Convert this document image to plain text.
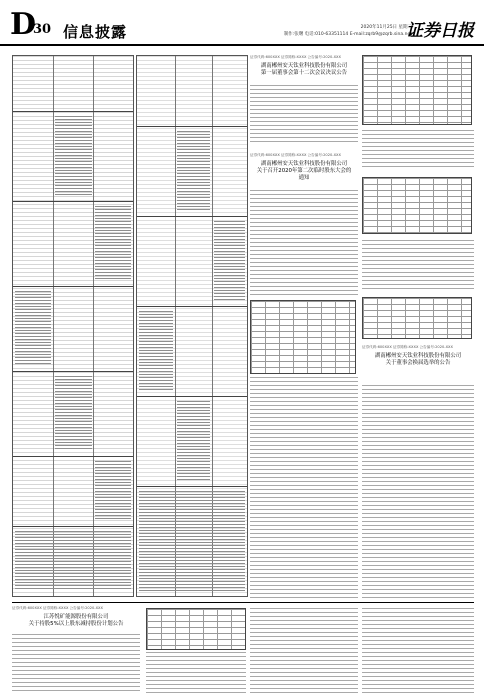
D
30 信息披露	2020年11月25日 星期二
制作:张曙 电话:010-63351114 E-mail:zqrb9@zqrb.sina.net
证券日报
证券代码:600XXX 证券简称:XXXX 公告编号:2020-XXX
湖南郴州安天钛业科技股份有限公司
第一届董事会第十二次会议决议公告
证券代码:600XXX 证券简称:XXXX 公告编号:2020-XXX
湖南郴州安天钛业科技股份有限公司
关于召开2020年第二次临时股东大会的
通知
证券代码:600XXX 证券简称:XXXX 公告编号:2020-XXX
湖南郴州安天钛业科技股份有限公司
关于董事会换届选举的公告
证券代码:600XXX 证券简称:XXXX 公告编号:2020-XXX
江苏悦矿能源股份有限公司
关于持股5%以上股东减持股份计划公告
